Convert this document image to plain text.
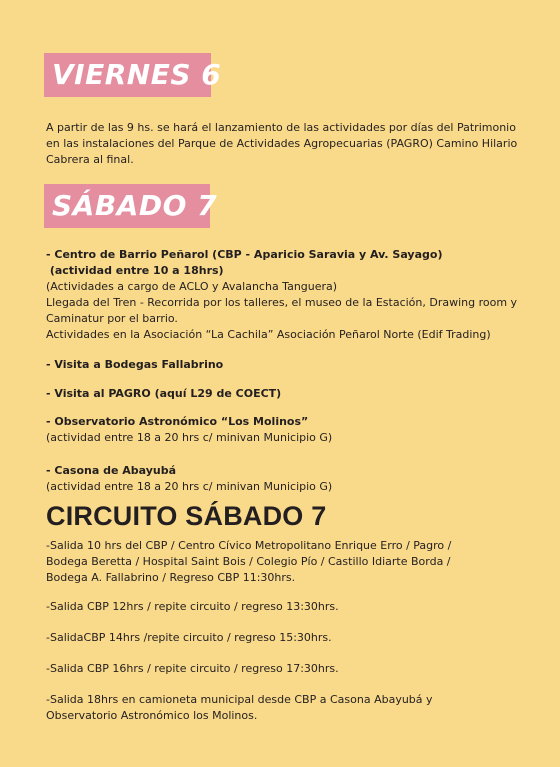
VIERNES 6
A partir de las 9 hs. se hará el lanzamiento de las actividades por días del Patrimonio
en las instalaciones del Parque de Actividades Agropecuarias (PAGRO) Camino Hilario
Cabrera al final.
SÁBADO 7
- Centro de Barrio Peñarol (CBP - Aparicio Saravia y Av. Sayago)
(actividad entre 10 a 18hrs)
(Actividades a cargo de ACLO y Avalancha Tanguera)
Llegada del Tren - Recorrida por los talleres, el museo de la Estación, Drawing room y
Caminatur por el barrio.
Actividades en la Asociación “La Cachila” Asociación Peñarol Norte (Edif Trading)
- Visita a Bodegas Fallabrino
- Visita al PAGRO (aquí L29 de COECT)
- Observatorio Astronómico “Los Molinos”
(actividad entre 18 a 20 hrs c/ minivan Municipio G)
- Casona de Abayubá
(actividad entre 18 a 20 hrs c/ minivan Municipio G)
CIRCUITO SÁBADO 7
-Salida 10 hrs del CBP / Centro Cívico Metropolitano Enrique Erro / Pagro /
Bodega Beretta / Hospital Saint Bois / Colegio Pío / Castillo Idiarte Borda /
Bodega A. Fallabrino / Regreso CBP 11:30hrs.
-Salida CBP 12hrs / repite circuito / regreso 13:30hrs.
-SalidaCBP 14hrs /repite circuito / regreso 15:30hrs.
-Salida CBP 16hrs / repite circuito / regreso 17:30hrs.
-Salida 18hrs en camioneta municipal desde CBP a Casona Abayubá y
Observatorio Astronómico los Molinos.
